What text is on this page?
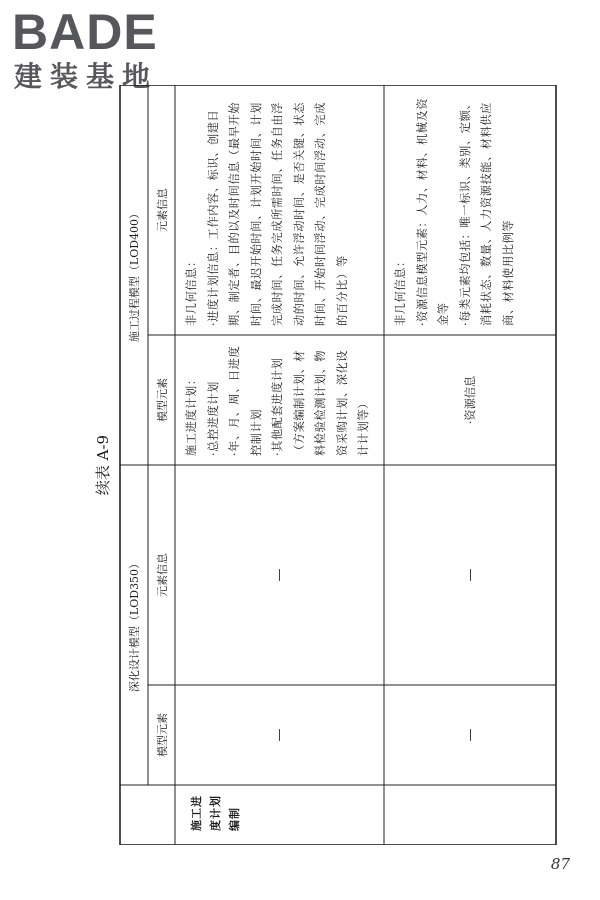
BADE
建装基地
续表 A-9
深化设计模型（LOD350）
施工过程模型（LOD400）
模型元素
元素信息
模型元素
元素信息
施工进度计划编制
—
—

施工进度计划： ·总控进度计划 ·年、月、周、日进度控制计划 ·其他配套进度计划（方案编制计划、材料检验检测计划、物资采购计划、深化设计计划等）

非几何信息： ·进度计划信息：工作内容、标识、创建日期、制定者、目的以及时间信息（最早开始时间、最迟开始时间、计划开始时间、计划完成时间、任务完成所需时间、任务自由浮动的时间、允许浮动时间、是否关键、状态时间、开始时间浮动、完成时间浮动、完成的百分比）等

—
—
·资源信息

非几何信息： ·资源信息模型元素：人力、材料、机械及资金等 ·每类元素均包括：唯一标识、类别、定额、消耗状态、数量、人力资源技能、材料供应商、材料使用比例等

87
